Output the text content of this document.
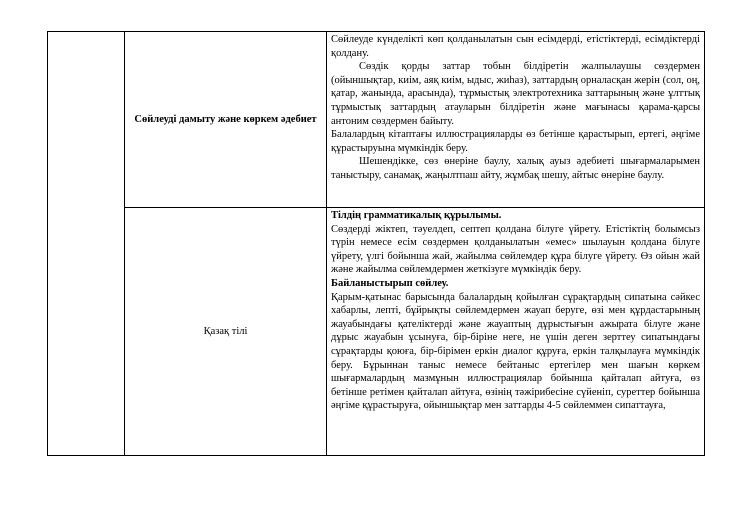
	Сөйлеуді дамыту және көркем әдебиет	Сөйлеуде күнделікті көп қолданылатын сын есімдерді, етістіктерді, есімдіктерді қолдану.

Сөздік қорды заттар тобын білдіретін жалпылаушы сөздермен (ойыншықтар, киім, аяқ киім, ыдыс, жиһаз), заттардың орналасқан жерін (сол, оң, қатар, жанында, арасында), тұрмыстық электротехника заттарының және ұлттық тұрмыстық заттардың атауларын білдіретін және мағынасы қарама-қарсы антоним сөздермен байыту.

Балалардың кітаптағы иллюстрацияларды өз бетінше қарастырып, ертегі, әңгіме құрастыруына мүмкіндік беру.

Шешендікке, сөз өнеріне баулу, халық ауыз әдебиеті шығармаларымен таныстыру, санамақ, жаңылтпаш айту, жұмбақ шешу, айтыс өнеріне баулу.

	Қазақ тілі	Тілдің грамматикалық құрылымы.

Сөздерді жіктеп, тәуелдеп, септеп қолдана білуге үйрету. Етістіктің болымсыз түрін немесе есім сөздермен қолданылатын «емес» шылауын қолдана білуге үйрету, үлгі бойынша жай, жайылма сөйлемдер құра білуге үйрету. Өз ойын жай және жайылма сөйлемдермен жеткізуге мүмкіндік беру.

Байланыстырып сөйлеу.

Қарым-қатынас барысында балалардың қойылған сұрақтардың сипатына сәйкес хабарлы, лепті, бұйрықты сөйлемдермен жауап беруге, өзі мен құрдастарының жауабындағы қателіктерді және жауаптың дұрыстығын ажырата білуге және дұрыс жауабын ұсынуға, бір-біріне неге, не үшін деген зерттеу сипатындағы сұрақтарды қоюға, бір-бірімен еркін диалог құруға, еркін талқылауға мүмкіндік беру. Бұрыннан таныс немесе бейтаныс ертегілер мен шағын көркем шығармалардың мазмұнын иллюстрациялар бойынша қайталап айтуға, өз бетінше ретімен қайталап айтуға, өзінің тәжірибесіне сүйеніп, суреттер бойынша әңгіме құрастыруға, ойыншықтар мен заттарды 4-5 сөйлеммен сипаттауға,
